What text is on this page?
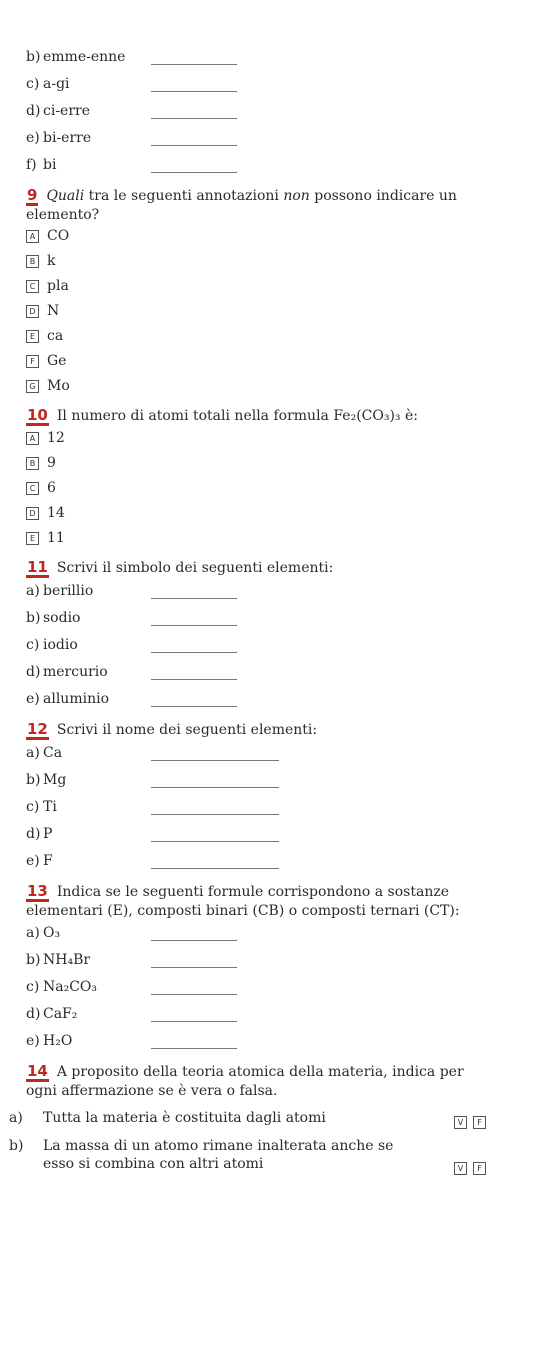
b) emme-enne
c) a-gi
d) ci-erre
e) bi-erre
f) bi
9 Quali tra le seguenti annotazioni non possono indicare un elemento?
A CO
B k
C pla
D N
E ca
F Ge
G Mo
10 Il numero di atomi totali nella formula Fe₂(CO₃)₃ è:
A 12
B 9
C 6
D 14
E 11
11 Scrivi il simbolo dei seguenti elementi:
a) berillio
b) sodio
c) iodio
d) mercurio
e) alluminio
12 Scrivi il nome dei seguenti elementi:
a) Ca
b) Mg
c) Ti
d) P
e) F
13 Indica se le seguenti formule corrispondono a sostanze elementari (E), composti binari (CB) o composti ternari (CT):
a) O₃
b) NH₄Br
c) Na₂CO₃
d) CaF₂
e) H₂O
14 A proposito della teoria atomica della materia, indica per ogni affermazione se è vera o falsa.
a) Tutta la materia è costituita dagli atomi	V F
b) La massa di un atomo rimane inalterata anche se esso si combina con altri atomi	V F
